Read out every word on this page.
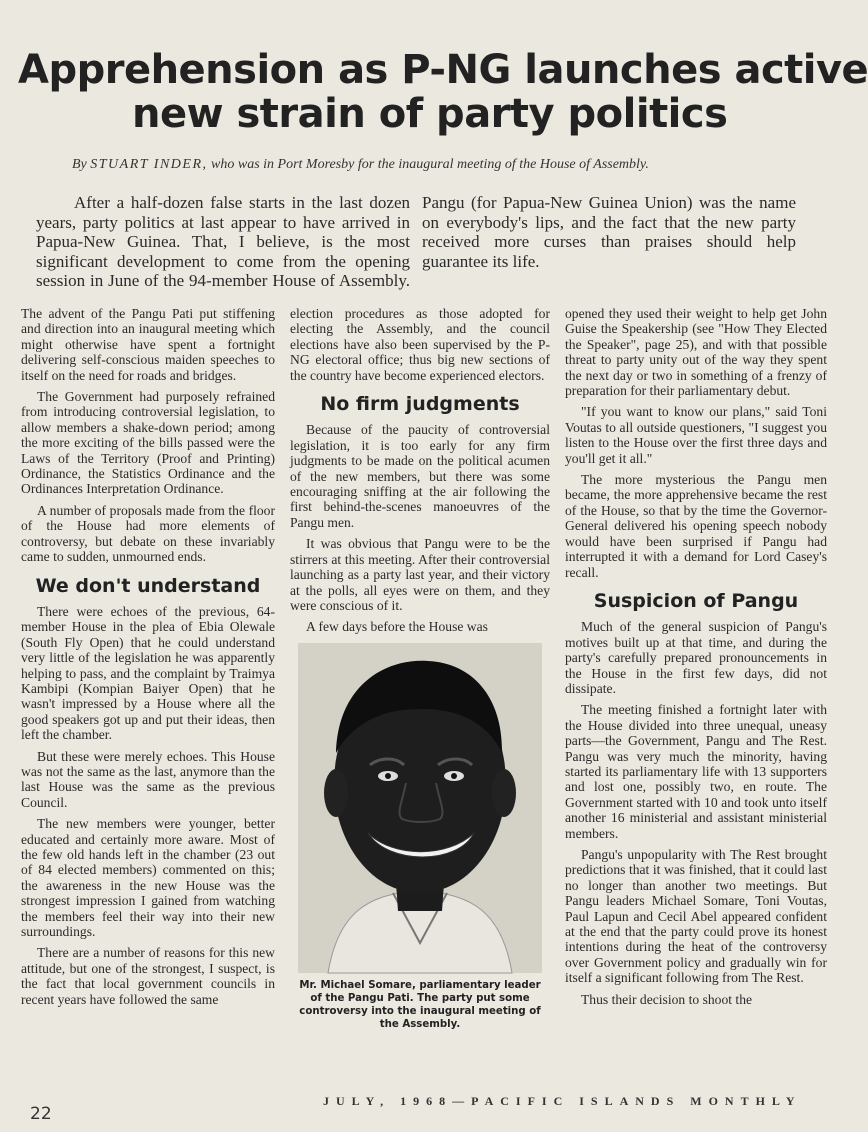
Apprehension as P-NG launches active
new strain of party politics
By STUART INDER, who was in Port Moresby for the inaugural meeting of the House of Assembly.

After a half-dozen false starts in the last dozen years, party politics at last appear to have arrived in Papua-New Guinea. That, I believe, is the most significant development to come from the opening session in June of the 94-member House of Assembly. Pangu (for Papua-New Guinea Union) was the name on everybody's lips, and the fact that the new party received more curses than praises should help guarantee its life.

The advent of the Pangu Pati put stiffening and direction into an inaugural meeting which might otherwise have spent a fortnight delivering self-conscious maiden speeches to itself on the need for roads and bridges.

The Government had purposely refrained from introducing controversial legislation, to allow members a shake-down period; among the more exciting of the bills passed were the Laws of the Territory (Proof and Printing) Ordinance, the Statistics Ordinance and the Ordinances Interpretation Ordinance.

A number of proposals made from the floor of the House had more elements of controversy, but debate on these invariably came to sudden, unmourned ends.

We don't understand

There were echoes of the previous, 64-member House in the plea of Ebia Olewale (South Fly Open) that he could understand very little of the legislation he was apparently helping to pass, and the complaint by Traimya Kambipi (Kompian Baiyer Open) that he wasn't impressed by a House where all the good speakers got up and put their ideas, then left the chamber.

But these were merely echoes. This House was not the same as the last, anymore than the last House was the same as the previous Council.

The new members were younger, better educated and certainly more aware. Most of the few old hands left in the chamber (23 out of 84 elected members) commented on this; the awareness in the new House was the strongest impression I gained from watching the members feel their way into their new surroundings.

There are a number of reasons for this new attitude, but one of the strongest, I suspect, is the fact that local government councils in recent years have followed the same

election procedures as those adopted for electing the Assembly, and the council elections have also been supervised by the P-NG electoral office; thus big new sections of the country have become experienced electors.

No firm judgments

Because of the paucity of controversial legislation, it is too early for any firm judgments to be made on the political acumen of the new members, but there was some encouraging sniffing at the air following the first behind-the-scenes manoeuvres of the Pangu men.

It was obvious that Pangu were to be the stirrers at this meeting. After their controversial launching as a party last year, and their victory at the polls, all eyes were on them, and they were conscious of it.

A few days before the House was

Mr. Michael Somare, parliamentary leader of the Pangu Pati. The party put some controversy into the inaugural meeting of the Assembly.

opened they used their weight to help get John Guise the Speakership (see "How They Elected the Speaker", page 25), and with that possible threat to party unity out of the way they spent the next day or two in something of a frenzy of preparation for their parliamentary debut.

"If you want to know our plans," said Toni Voutas to all outside questioners, "I suggest you listen to the House over the first three days and you'll get it all."

The more mysterious the Pangu men became, the more apprehensive became the rest of the House, so that by the time the Governor-General delivered his opening speech nobody would have been surprised if Pangu had interrupted it with a demand for Lord Casey's recall.

Suspicion of Pangu

Much of the general suspicion of Pangu's motives built up at that time, and during the party's carefully prepared pronouncements in the House in the first few days, did not dissipate.

The meeting finished a fortnight later with the House divided into three unequal, uneasy parts—the Government, Pangu and The Rest. Pangu was very much the minority, having started its parliamentary life with 13 supporters and lost one, possibly two, en route. The Government started with 10 and took unto itself another 16 ministerial and assistant ministerial members.

Pangu's unpopularity with The Rest brought predictions that it was finished, that it could last no longer than another two meetings. But Pangu leaders Michael Somare, Toni Voutas, Paul Lapun and Cecil Abel appeared confident at the end that the party could prove its honest intentions during the heat of the controversy over Government policy and gradually win for itself a significant following from The Rest.

Thus their decision to shoot the

22
JULY, 1968—PACIFIC ISLANDS MONTHLY
